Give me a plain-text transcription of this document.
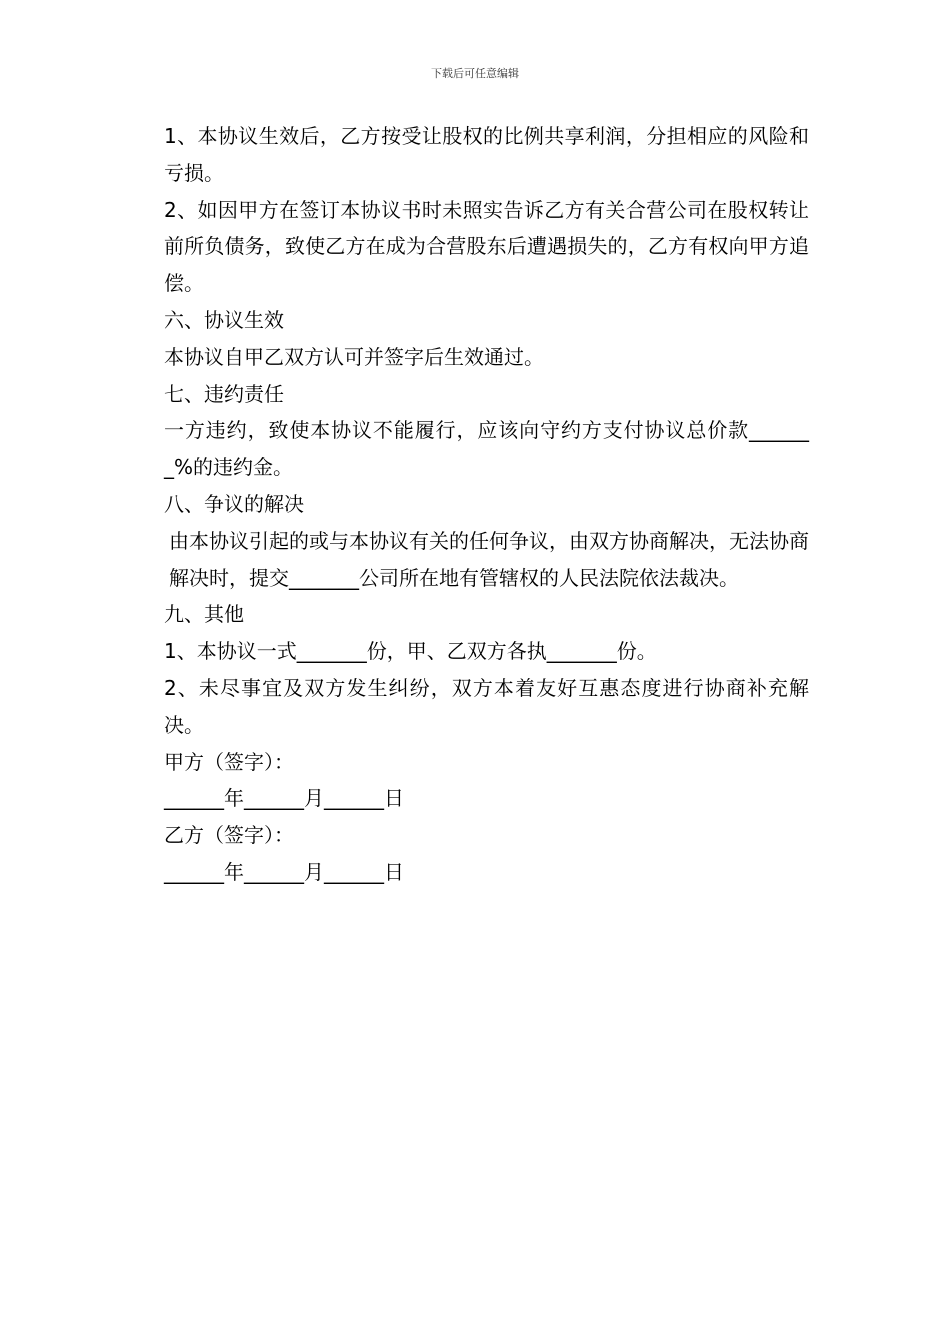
下载后可任意编辑

1、本协议生效后，乙方按受让股权的比例共享利润，分担相应的风险和亏损。

2、如因甲方在签订本协议书时未照实告诉乙方有关合营公司在股权转让前所负债务，致使乙方在成为合营股东后遭遇损失的，乙方有权向甲方追偿。

六、协议生效

本协议自甲乙双方认可并签字后生效通过。

七、违约责任

一方违约，致使本协议不能履行，应该向守约方支付协议总价款_______%的违约金。

八、争议的解决

由本协议引起的或与本协议有关的任何争议，由双方协商解决，无法协商解决时，提交_______公司所在地有管辖权的人民法院依法裁决。

九、其他

1、本协议一式_______份，甲、乙双方各执_______份。

2、未尽事宜及双方发生纠纷，双方本着友好互惠态度进行协商补充解决。

甲方（签字）：

______年______月______日

乙方（签字）：

______年______月______日
